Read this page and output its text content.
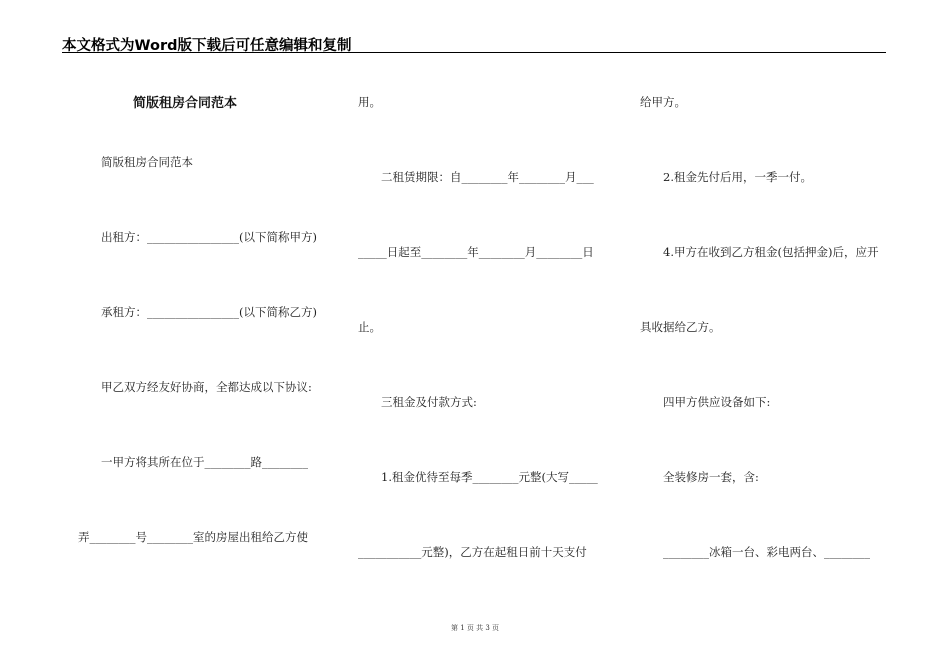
本文格式为Word版下载后可任意编辑和复制
简版租房合同范本
简版租房合同范本
出租方：________________(以下简称甲方)
承租方：________________(以下简称乙方)
甲乙双方经友好协商，全都达成以下协议:
一甲方将其所在位于________路________
弄________号________室的房屋出租给乙方使
用。
二租赁期限：自________年________月___
_____日起至________年________月________日
止。
三租金及付款方式:
1.租金优待至每季________元整(大写_____
___________元整)，乙方在起租日前十天支付
给甲方。
2.租金先付后用，一季一付。
4.甲方在收到乙方租金(包括押金)后，应开
具收据给乙方。
四甲方供应设备如下:
全装修房一套，含:
________冰箱一台、彩电两台、________
第 1 页 共 3 页
